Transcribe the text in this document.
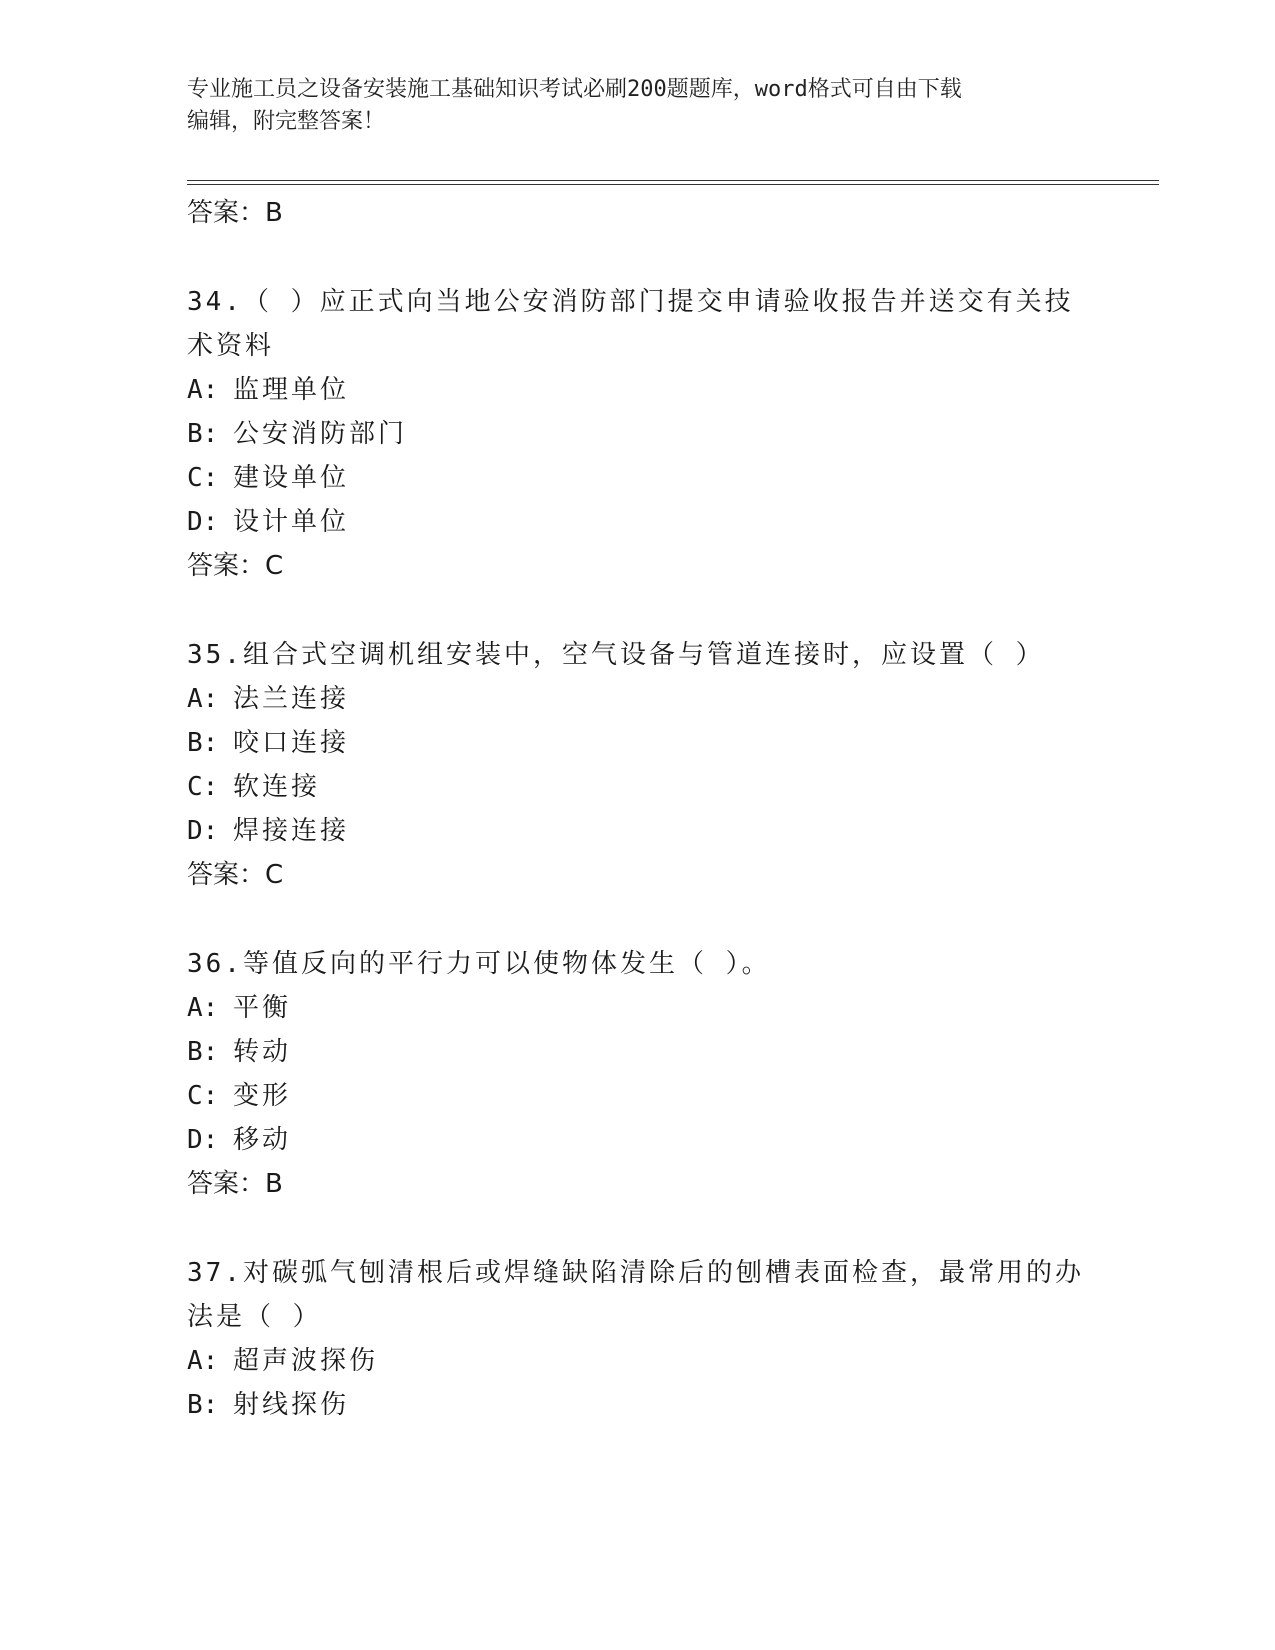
专业施工员之设备安装施工基础知识考试必刷200题题库，word格式可自由下载
编辑，附完整答案！
答案：B
34.（ ）应正式向当地公安消防部门提交申请验收报告并送交有关技
术资料
A: 监理单位
B: 公安消防部门
C: 建设单位
D: 设计单位
答案：C
35.组合式空调机组安装中，空气设备与管道连接时，应设置（ ）
A: 法兰连接
B: 咬口连接
C: 软连接
D: 焊接连接
答案：C
36.等值反向的平行力可以使物体发生（ ）。
A: 平衡
B: 转动
C: 变形
D: 移动
答案：B
37.对碳弧气刨清根后或焊缝缺陷清除后的刨槽表面检查，最常用的办
法是（ ）
A: 超声波探伤
B: 射线探伤
